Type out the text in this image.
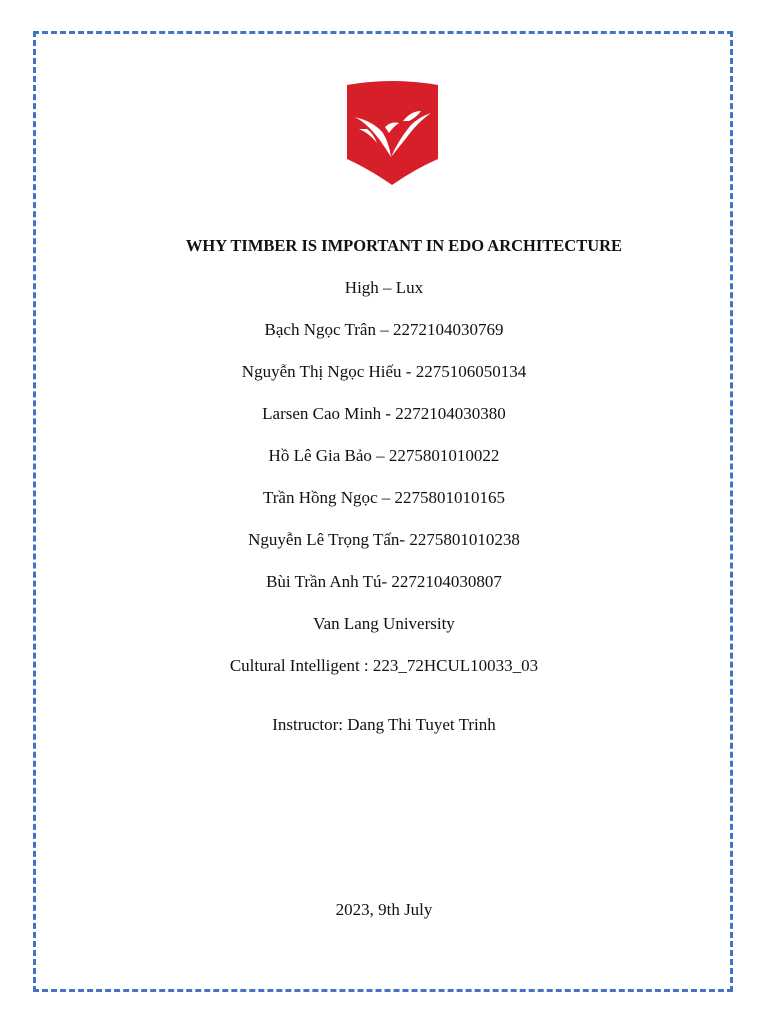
WHY TIMBER IS IMPORTANT IN EDO ARCHITECTURE
High – Lux
Bạch Ngọc Trân – 2272104030769
Nguyễn Thị Ngọc Hiếu - 2275106050134
Larsen Cao Minh - 2272104030380
Hồ Lê Gia Bảo – 2275801010022
Trần Hồng Ngọc – 2275801010165
Nguyễn Lê Trọng Tấn- 2275801010238
Bùi Trần Anh Tú- 2272104030807
Van Lang University
Cultural Intelligent : 223_72HCUL10033_03
Instructor: Dang Thi Tuyet Trinh
2023, 9th July
